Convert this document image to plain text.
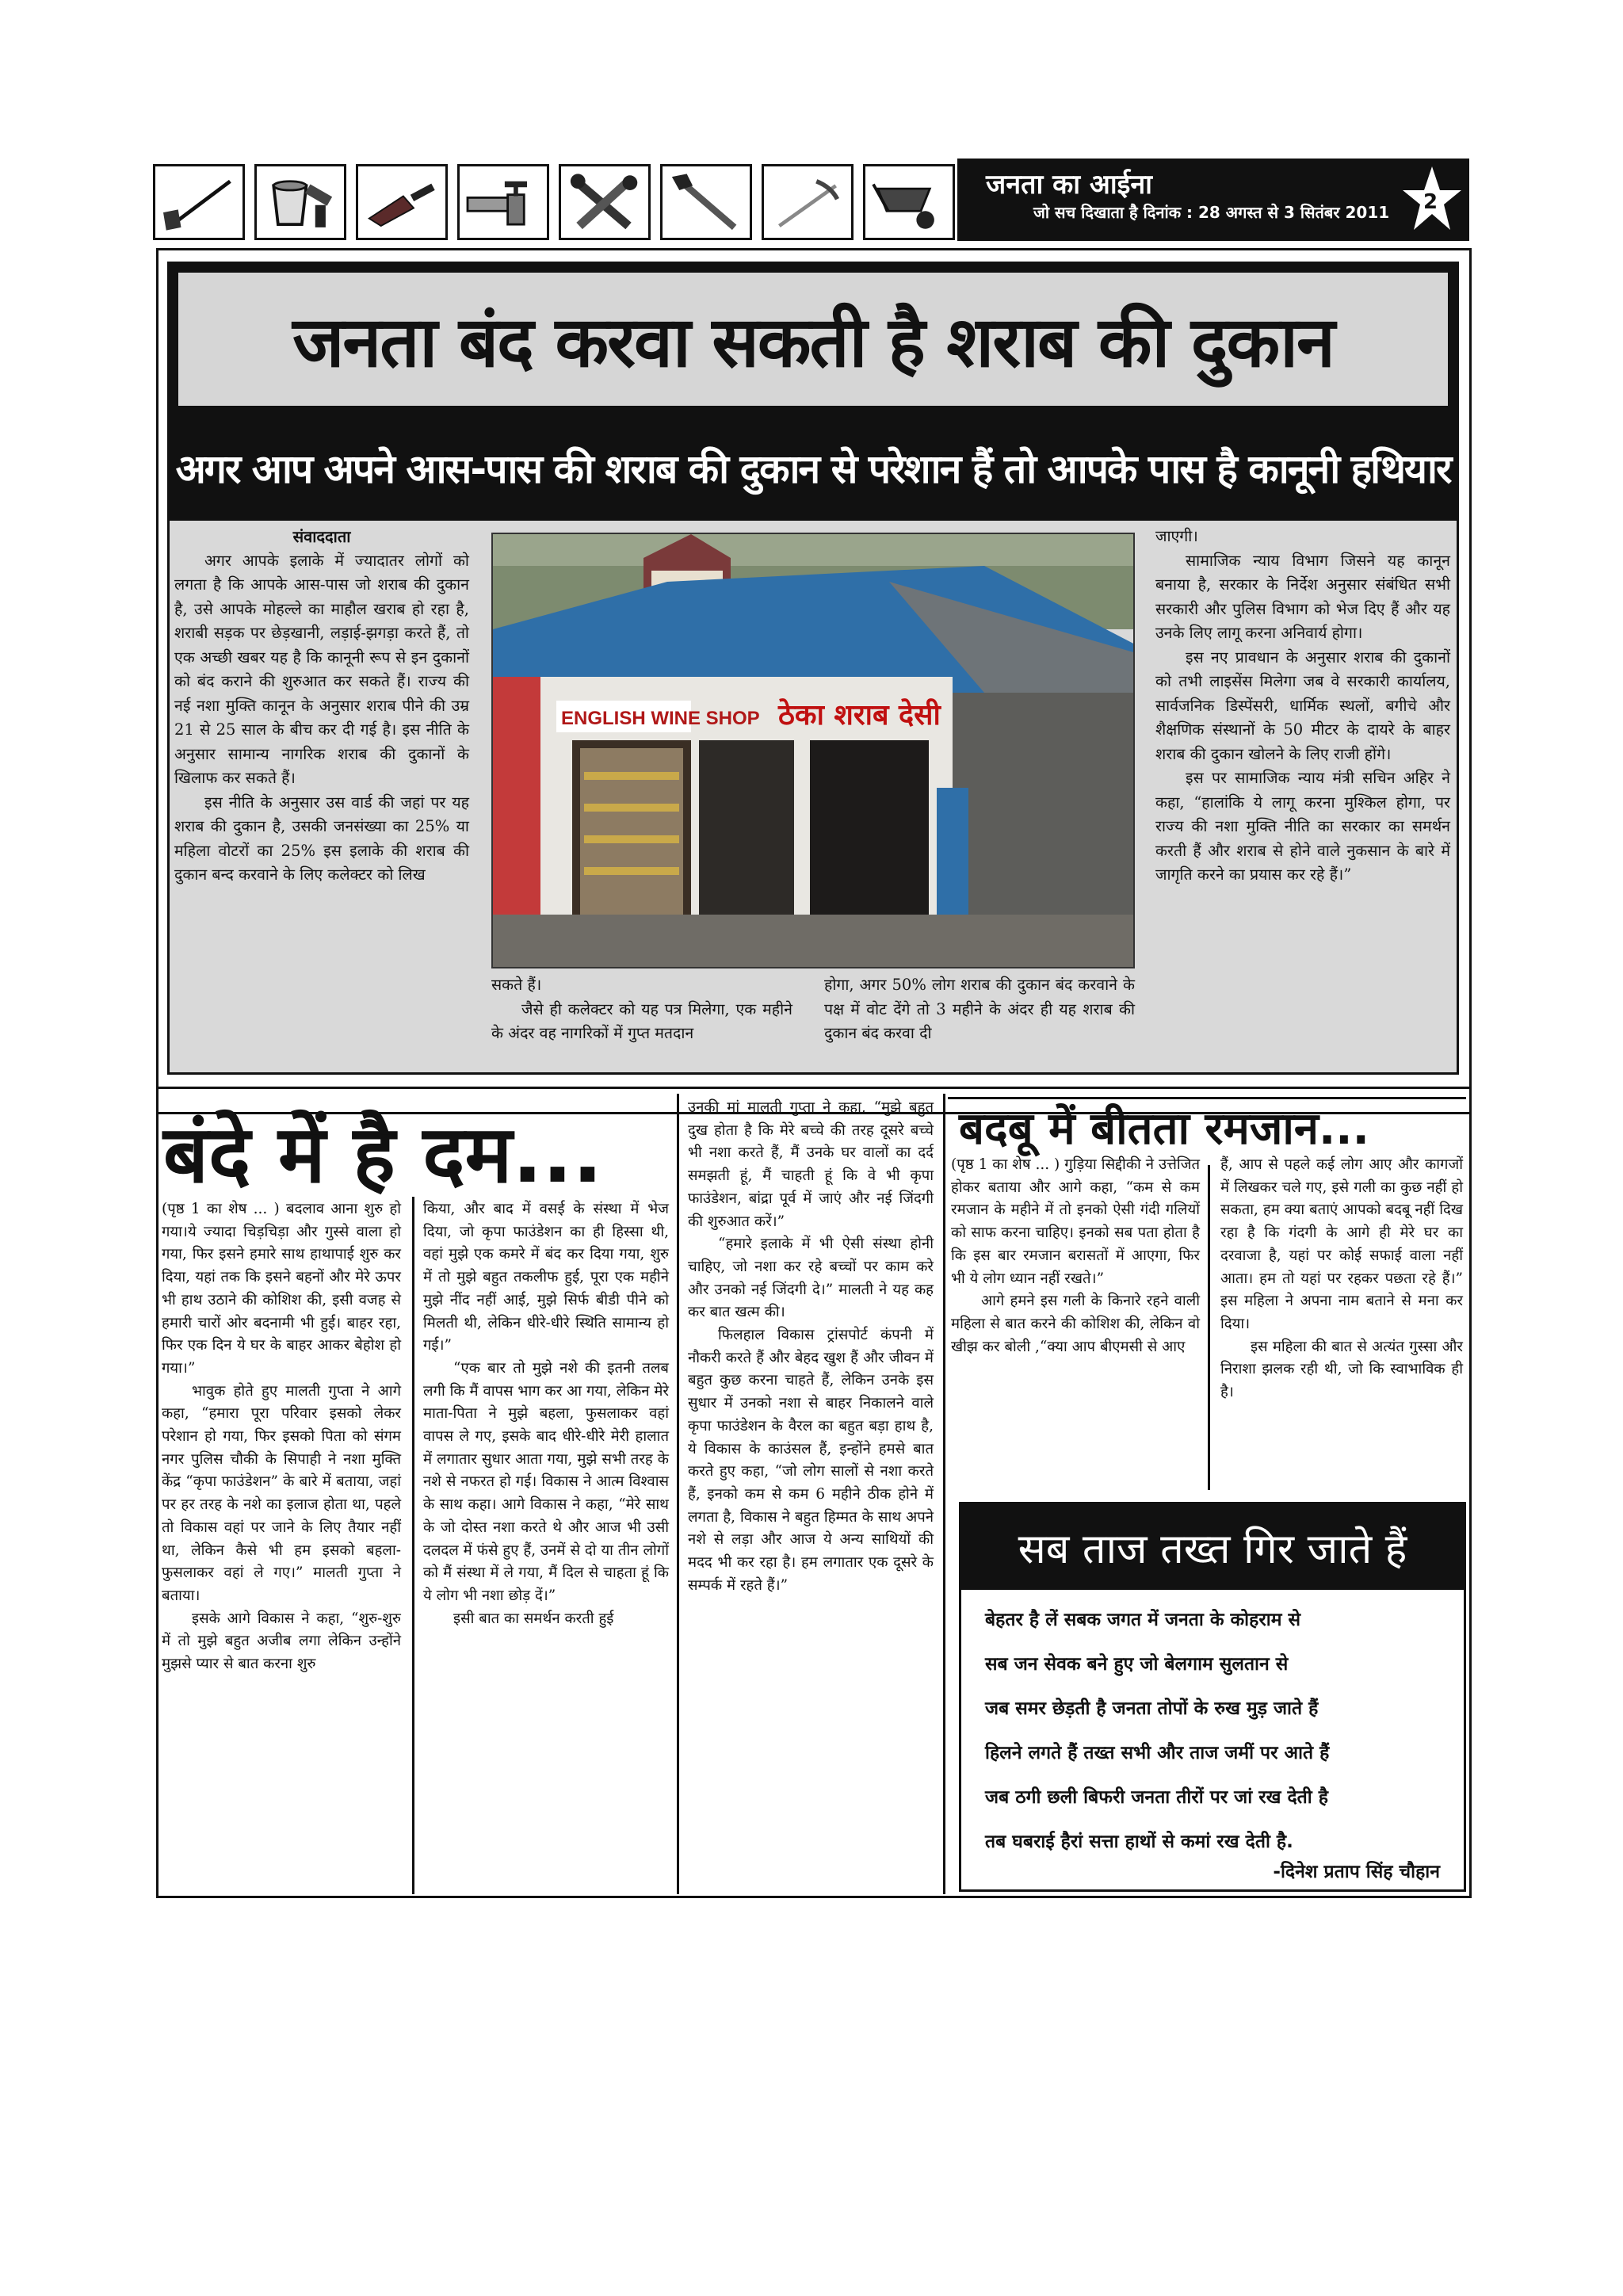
जनता का आईना
जो सच दिखाता है दिनांक : 28 अगस्त से 3 सितंबर 2011 2
जनता बंद करवा सकती है शराब की दुकान
अगर आप अपने आस-पास की शराब की दुकान से परेशान हैं तो आपके पास है कानूनी हथियार
संवाददाता

अगर आपके इलाके में ज्यादातर लोगों को लगता है कि आपके आस-पास जो शराब की दुकान है, उसे आपके मोहल्ले का माहौल खराब हो रहा है, शराबी सड़क पर छेड़खानी, लड़ाई-झगड़ा करते हैं, तो एक अच्छी खबर यह है कि कानूनी रूप से इन दुकानों को बंद कराने की शुरुआत कर सकते हैं। राज्य की नई नशा मुक्ति कानून के अनुसार शराब पीने की उम्र 21 से 25 साल के बीच कर दी गई है। इस नीति के अनुसार सामान्य नागरिक शराब की दुकानों के खिलाफ कर सकते हैं।

इस नीति के अनुसार उस वार्ड की जहां पर यह शराब की दुकान है, उसकी जनसंख्या का 25% या महिला वोटरों का 25% इस इलाके की शराब की दुकान बन्द करवाने के लिए कलेक्टर को लिख

ENGLISH WINE SHOP ठेका शराब देसी

सकते हैं।

जैसे ही कलेक्टर को यह पत्र मिलेगा, एक महीने के अंदर वह नागरिकों में गुप्त मतदान

होगा, अगर 50% लोग शराब की दुकान बंद करवाने के पक्ष में वोट देंगे तो 3 महीने के अंदर ही यह शराब की दुकान बंद करवा दी

जाएगी।

सामाजिक न्याय विभाग जिसने यह कानून बनाया है, सरकार के निर्देश अनुसार संबंधित सभी सरकारी और पुलिस विभाग को भेज दिए हैं और यह उनके लिए लागू करना अनिवार्य होगा।

इस नए प्रावधान के अनुसार शराब की दुकानों को तभी लाइसेंस मिलेगा जब वे सरकारी कार्यालय, सार्वजनिक डिस्पेंसरी, धार्मिक स्थलों, बगीचे और शैक्षणिक संस्थानों के 50 मीटर के दायरे के बाहर शराब की दुकान खोलने के लिए राजी होंगे।

इस पर सामाजिक न्याय मंत्री सचिन अहिर ने कहा, “हालांकि ये लागू करना मुश्किल होगा, पर राज्य की नशा मुक्ति नीति का सरकार का समर्थन करती हैं और शराब से होने वाले नुकसान के बारे में जागृति करने का प्रयास कर रहे हैं।”

बंदे में है दम...

(पृष्ठ 1 का शेष ... ) बदलाव आना शुरु हो गया।ये ज्यादा चिड़चिड़ा और गुस्से वाला हो गया, फिर इसने हमारे साथ हाथापाई शुरु कर दिया, यहां तक कि इसने बहनों और मेरे ऊपर भी हाथ उठाने की कोशिश की, इसी वजह से हमारी चारों ओर बदनामी भी हुई। बाहर रहा, फिर एक दिन ये घर के बाहर आकर बेहोश हो गया।”

भावुक होते हुए मालती गुप्ता ने आगे कहा, “हमारा पूरा परिवार इसको लेकर परेशान हो गया, फिर इसको पिता को संगम नगर पुलिस चौकी के सिपाही ने नशा मुक्ति केंद्र “कृपा फाउंडेशन” के बारे में बताया, जहां पर हर तरह के नशे का इलाज होता था, पहले तो विकास वहां पर जाने के लिए तैयार नहीं था, लेकिन कैसे भी हम इसको बहला-फुसलाकर वहां ले गए।” मालती गुप्ता ने बताया।

इसके आगे विकास ने कहा, “शुरु-शुरु में तो मुझे बहुत अजीब लगा लेकिन उन्होंने मुझसे प्यार से बात करना शुरु

किया, और बाद में वसई के संस्था में भेज दिया, जो कृपा फाउंडेशन का ही हिस्सा थी, वहां मुझे एक कमरे में बंद कर दिया गया, शुरु में तो मुझे बहुत तकलीफ हुई, पूरा एक महीने मुझे नींद नहीं आई, मुझे सिर्फ बीडी पीने को मिलती थी, लेकिन धीरे-धीरे स्थिति सामान्य हो गई।”

“एक बार तो मुझे नशे की इतनी तलब लगी कि मैं वापस भाग कर आ गया, लेकिन मेरे माता-पिता ने मुझे बहला, फुसलाकर वहां वापस ले गए, इसके बाद धीरे-धीरे मेरी हालात में लगातार सुधार आता गया, मुझे सभी तरह के नशे से नफरत हो गई। विकास ने आत्म विश्वास के साथ कहा। आगे विकास ने कहा, “मेरे साथ के जो दोस्त नशा करते थे और आज भी उसी दलदल में फंसे हुए हैं, उनमें से दो या तीन लोगों को मैं संस्था में ले गया, मैं दिल से चाहता हूं कि ये लोग भी नशा छोड़ दें।”

इसी बात का समर्थन करती हुई

उनकी मां मालती गुप्ता ने कहा, “मुझे बहुत दुख होता है कि मेरे बच्चे की तरह दूसरे बच्चे भी नशा करते हैं, मैं उनके घर वालों का दर्द समझती हूं, मैं चाहती हूं कि वे भी कृपा फाउंडेशन, बांद्रा पूर्व में जाएं और नई जिंदगी की शुरुआत करें।”

“हमारे इलाके में भी ऐसी संस्था होनी चाहिए, जो नशा कर रहे बच्चों पर काम करे और उनको नई जिंदगी दे।” मालती ने यह कह कर बात खत्म की।

फिलहाल विकास ट्रांसपोर्ट कंपनी में नौकरी करते हैं और बेहद खुश हैं और जीवन में बहुत कुछ करना चाहते हैं, लेकिन उनके इस सुधार में उनको नशा से बाहर निकालने वाले कृपा फाउंडेशन के वैरल का बहुत बड़ा हाथ है, ये विकास के काउंसल हैं, इन्होंने हमसे बात करते हुए कहा, “जो लोग सालों से नशा करते हैं, इनको कम से कम 6 महीने ठीक होने में लगता है, विकास ने बहुत हिम्मत के साथ अपने नशे से लड़ा और आज ये अन्य साथियों की मदद भी कर रहा है। हम लगातार एक दूसरे के सम्पर्क में रहते हैं।”

बदबू में बीतता रमजान...

(पृष्ठ 1 का शेष ... ) गुड़िया सिद्दीकी ने उत्तेजित होकर बताया और आगे कहा, “कम से कम रमजान के महीने में तो इनको ऐसी गंदी गलियों को साफ करना चाहिए। इनको सब पता होता है कि इस बार रमजान बरासतों में आएगा, फिर भी ये लोग ध्यान नहीं रखते।”

आगे हमने इस गली के किनारे रहने वाली महिला से बात करने की कोशिश की, लेकिन वो खीझ कर बोली ,“क्या आप बीएमसी से आए

हैं, आप से पहले कई लोग आए और कागजों में लिखकर चले गए, इसे गली का कुछ नहीं हो सकता, हम क्या बताएं आपको बदबू नहीं दिख रहा है कि गंदगी के आगे ही मेरे घर का दरवाजा है, यहां पर कोई सफाई वाला नहीं आता। हम तो यहां पर रहकर पछता रहे हैं।” इस महिला ने अपना नाम बताने से मना कर दिया।

इस महिला की बात से अत्यंत गुस्सा और निराशा झलक रही थी, जो कि स्वाभाविक ही है।

सब ताज तख्त गिर जाते हैं
बेहतर है लें सबक जगत में जनता के कोहराम से
सब जन सेवक बने हुए जो बेलगाम सुलतान से
जब समर छेड़ती है जनता तोपों के रुख मुड़ जाते हैं
हिलने लगते हैं तख्त सभी और ताज जमीं पर आते हैं
जब ठगी छली बिफरी जनता तीरों पर जां रख देती है
तब घबराई हैरां सत्ता हाथों से कमां रख देती है.
-दिनेश प्रताप सिंह चौहान
